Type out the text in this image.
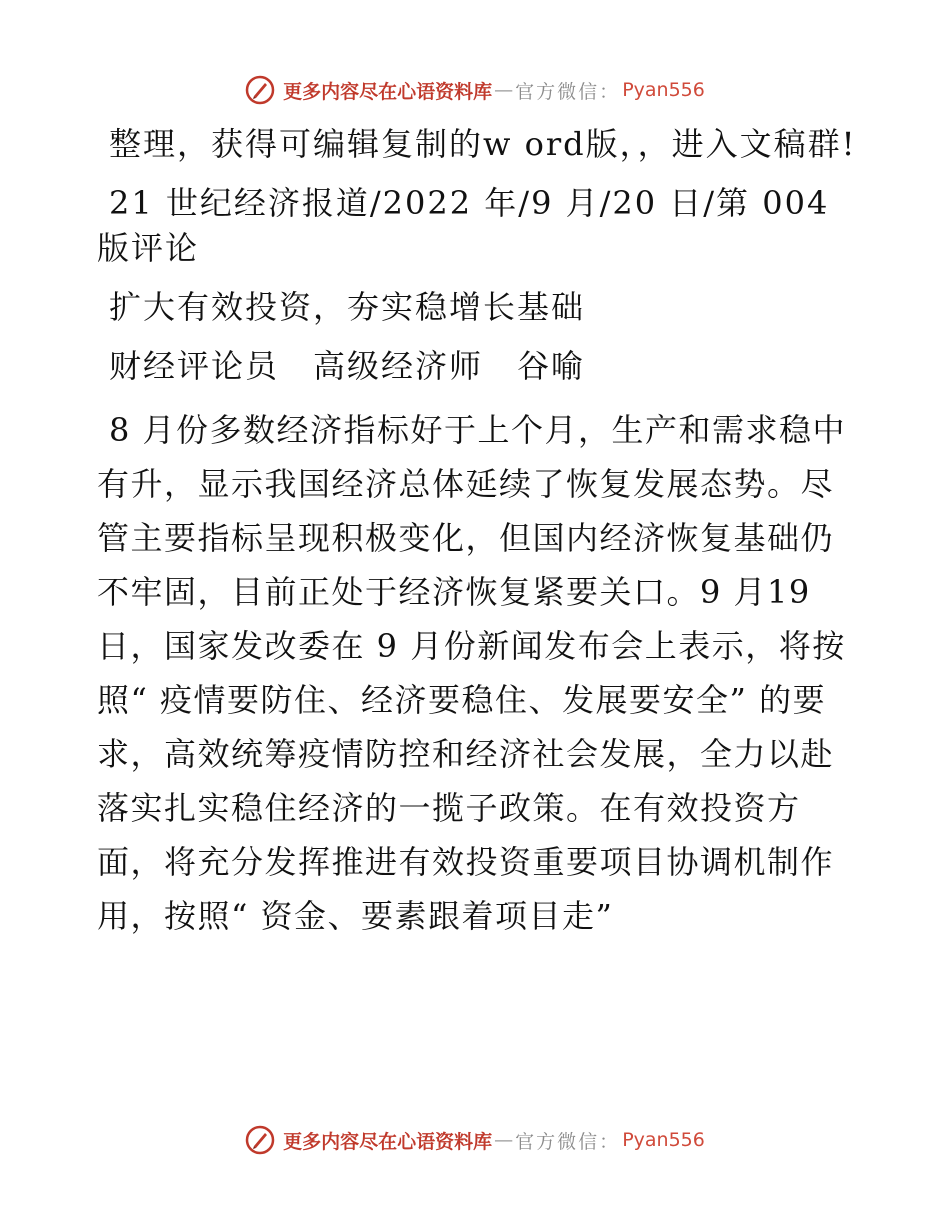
更多内容尽在心语资料库 — 官方微信： Pyan556

整理，获得可编辑复制的w ord版，，进入文稿群!

21 世纪经济报道/2022 年/9 月/20 日/第 004版评论

扩大有效投资，夯实稳增长基础

财经评论员　高级经济师　谷喻

8 月份多数经济指标好于上个月，生产和需求稳中有升，显示我国经济总体延续了恢复发展态势。尽管主要指标呈现积极变化，但国内经济恢复基础仍不牢固，目前正处于经济恢复紧要关口。9 月19 日，国家发改委在 9 月份新闻发布会上表示，将按照“ 疫情要防住、经济要稳住、发展要安全” 的要求，高效统筹疫情防控和经济社会发展，全力以赴落实扎实稳住经济的一揽子政策。在有效投资方面，将充分发挥推进有效投资重要项目协调机制作用，按照“ 资金、要素跟着项目走”

更多内容尽在心语资料库 — 官方微信： Pyan556
